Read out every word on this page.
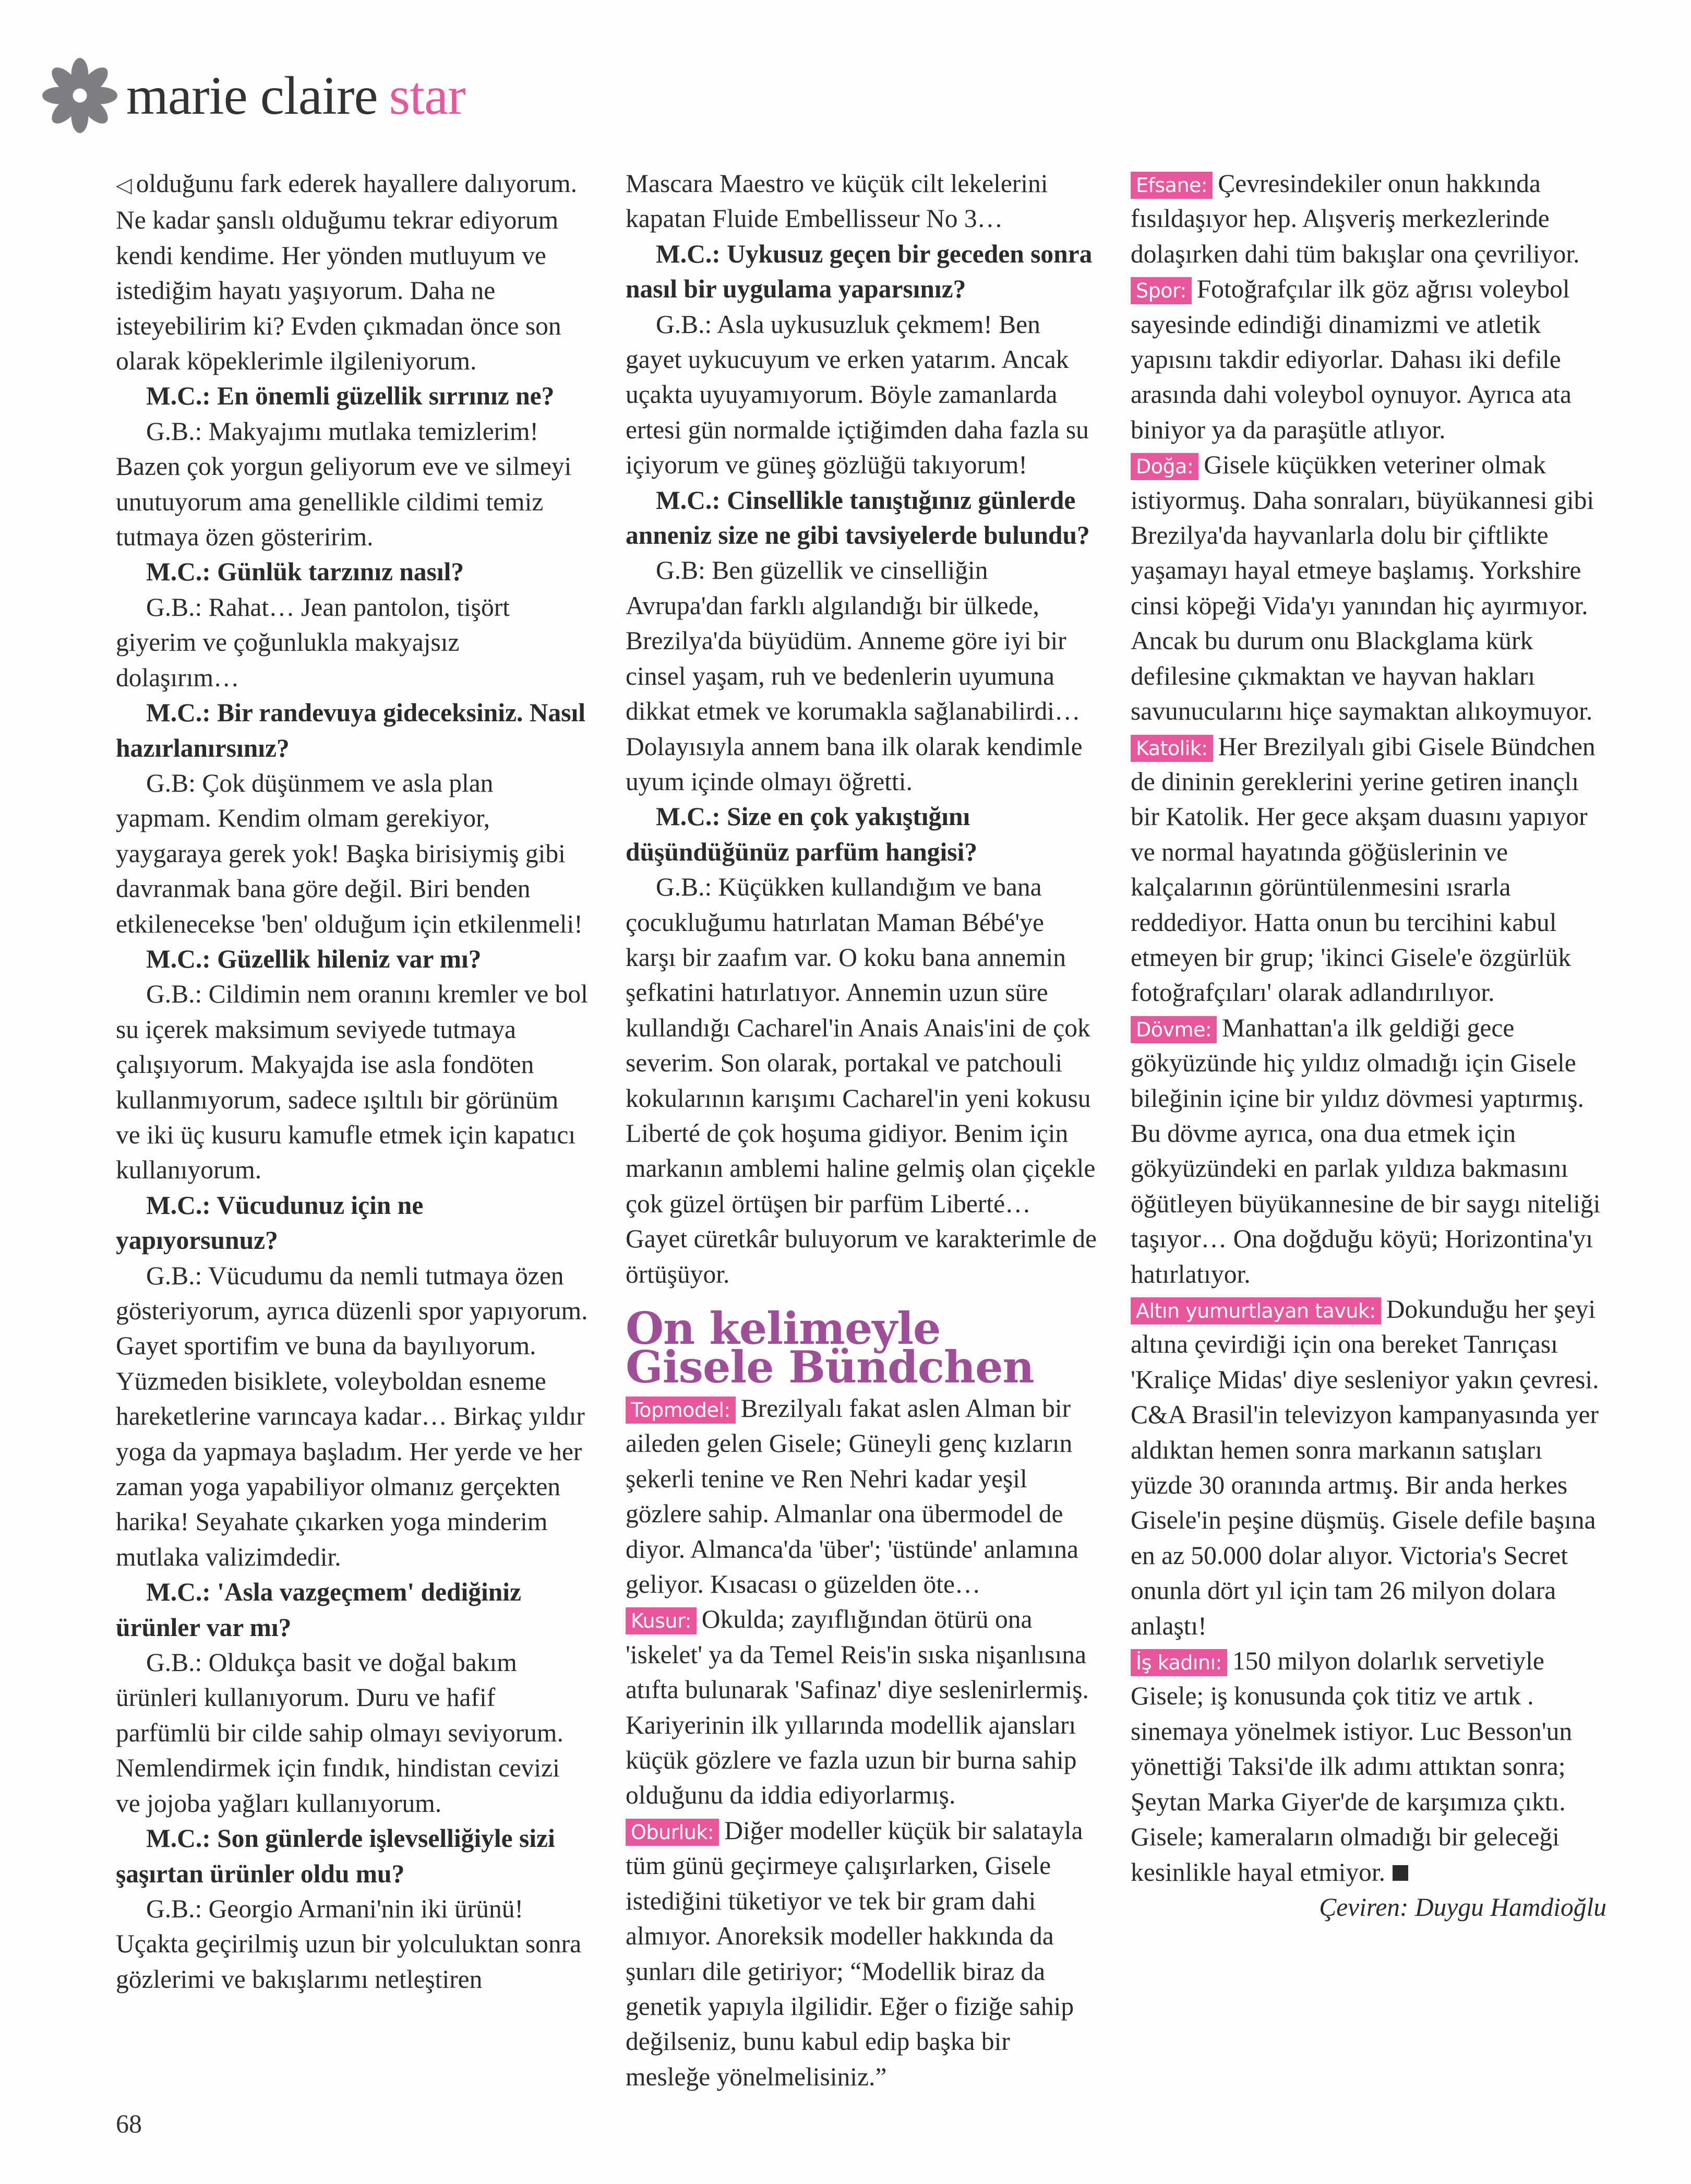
marie claire star

◁ olduğunu fark ederek hayallere dalıyorum. Ne kadar şanslı olduğumu tekrar ediyorum kendi kendime. Her yönden mutluyum ve istediğim hayatı yaşıyorum. Daha ne isteyebilirim ki? Evden çıkmadan önce son olarak köpeklerimle ilgileniyorum.

M.C.: En önemli güzellik sırrınız ne?

G.B.: Makyajımı mutlaka temizlerim! Bazen çok yorgun geliyorum eve ve silmeyi unutuyorum ama genellikle cildimi temiz tutmaya özen gösteririm.

M.C.: Günlük tarzınız nasıl?

G.B.: Rahat… Jean pantolon, tişört giyerim ve çoğunlukla makyajsız dolaşırım…

M.C.: Bir randevuya gideceksiniz. Nasıl hazırlanırsınız?

G.B: Çok düşünmem ve asla plan yapmam. Kendim olmam gerekiyor, yaygaraya gerek yok! Başka birisiymiş gibi davranmak bana göre değil. Biri benden etkilenecekse 'ben' olduğum için etkilenmeli!

M.C.: Güzellik hileniz var mı?

G.B.: Cildimin nem oranını kremler ve bol su içerek maksimum seviyede tutmaya çalışıyorum. Makyajda ise asla fondöten kullanmıyorum, sadece ışıltılı bir görünüm ve iki üç kusuru kamufle etmek için kapatıcı kullanıyorum.

M.C.: Vücudunuz için ne yapıyorsunuz?

G.B.: Vücudumu da nemli tutmaya özen gösteriyorum, ayrıca düzenli spor yapıyorum. Gayet sportifim ve buna da bayılıyorum. Yüzmeden bisiklete, voleyboldan esneme hareketlerine varıncaya kadar… Birkaç yıldır yoga da yapmaya başladım. Her yerde ve her zaman yoga yapabiliyor olmanız gerçekten harika! Seyahate çıkarken yoga minderim mutlaka valizimdedir.

M.C.: 'Asla vazgeçmem' dediğiniz ürünler var mı?

G.B.: Oldukça basit ve doğal bakım ürünleri kullanıyorum. Duru ve hafif parfümlü bir cilde sahip olmayı seviyorum. Nemlendirmek için fındık, hindistan cevizi ve jojoba yağları kullanıyorum.

M.C.: Son günlerde işlevselliğiyle sizi şaşırtan ürünler oldu mu?

G.B.: Georgio Armani'nin iki ürünü! Uçakta geçirilmiş uzun bir yolculuktan sonra gözlerimi ve bakışlarımı netleştiren

Mascara Maestro ve küçük cilt lekelerini kapatan Fluide Embellisseur No 3…

M.C.: Uykusuz geçen bir geceden sonra nasıl bir uygulama yaparsınız?

G.B.: Asla uykusuzluk çekmem! Ben gayet uykucuyum ve erken yatarım. Ancak uçakta uyuyamıyorum. Böyle zamanlarda ertesi gün normalde içtiğimden daha fazla su içiyorum ve güneş gözlüğü takıyorum!

M.C.: Cinsellikle tanıştığınız günlerde anneniz size ne gibi tavsiyelerde bulundu?

G.B: Ben güzellik ve cinselliğin Avrupa'dan farklı algılandığı bir ülkede, Brezilya'da büyüdüm. Anneme göre iyi bir cinsel yaşam, ruh ve bedenlerin uyumuna dikkat etmek ve korumakla sağlanabilirdi… Dolayısıyla annem bana ilk olarak kendimle uyum içinde olmayı öğretti.

M.C.: Size en çok yakıştığını düşündüğünüz parfüm hangisi?

G.B.: Küçükken kullandığım ve bana çocukluğumu hatırlatan Maman Bébé'ye karşı bir zaafım var. O koku bana annemin şefkatini hatırlatıyor. Annemin uzun süre kullandığı Cacharel'in Anais Anais'ini de çok severim. Son olarak, portakal ve patchouli kokularının karışımı Cacharel'in yeni kokusu Liberté de çok hoşuma gidiyor. Benim için markanın amblemi haline gelmiş olan çiçekle çok güzel örtüşen bir parfüm Liberté… Gayet cüretkâr buluyorum ve karakterimle de örtüşüyor.

On kelimeyle
Gisele Bündchen

Topmodel: Brezilyalı fakat aslen Alman bir aileden gelen Gisele; Güneyli genç kızların şekerli tenine ve Ren Nehri kadar yeşil gözlere sahip. Almanlar ona übermodel de diyor. Almanca'da 'über'; 'üstünde' anlamına geliyor. Kısacası o güzelden öte…

Kusur: Okulda; zayıflığından ötürü ona 'iskelet' ya da Temel Reis'in sıska nişanlısına atıfta bulunarak 'Safinaz' diye seslenirlermiş. Kariyerinin ilk yıllarında modellik ajansları küçük gözlere ve fazla uzun bir burna sahip olduğunu da iddia ediyorlarmış.

Oburluk: Diğer modeller küçük bir salatayla tüm günü geçirmeye çalışırlarken, Gisele istediğini tüketiyor ve tek bir gram dahi almıyor. Anoreksik modeller hakkında da şunları dile getiriyor; “Modellik biraz da genetik yapıyla ilgilidir. Eğer o fiziğe sahip değilseniz, bunu kabul edip başka bir mesleğe yönelmelisiniz.”

Efsane: Çevresindekiler onun hakkında fısıldaşıyor hep. Alışveriş merkezlerinde dolaşırken dahi tüm bakışlar ona çevriliyor.

Spor: Fotoğrafçılar ilk göz ağrısı voleybol sayesinde edindiği dinamizmi ve atletik yapısını takdir ediyorlar. Dahası iki defile arasında dahi voleybol oynuyor. Ayrıca ata biniyor ya da paraşütle atlıyor.

Doğa: Gisele küçükken veteriner olmak istiyormuş. Daha sonraları, büyükannesi gibi Brezilya'da hayvanlarla dolu bir çiftlikte yaşamayı hayal etmeye başlamış. Yorkshire cinsi köpeği Vida'yı yanından hiç ayırmıyor. Ancak bu durum onu Blackglama kürk defilesine çıkmaktan ve hayvan hakları savunucularını hiçe saymaktan alıkoymuyor.

Katolik: Her Brezilyalı gibi Gisele Bündchen de dininin gereklerini yerine getiren inançlı bir Katolik. Her gece akşam duasını yapıyor ve normal hayatında göğüslerinin ve kalçalarının görüntülenmesini ısrarla reddediyor. Hatta onun bu tercihini kabul etmeyen bir grup; 'ikinci Gisele'e özgürlük fotoğrafçıları' olarak adlandırılıyor.

Dövme: Manhattan'a ilk geldiği gece gökyüzünde hiç yıldız olmadığı için Gisele bileğinin içine bir yıldız dövmesi yaptırmış. Bu dövme ayrıca, ona dua etmek için gökyüzündeki en parlak yıldıza bakmasını öğütleyen büyükannesine de bir saygı niteliği taşıyor… Ona doğduğu köyü; Horizontina'yı hatırlatıyor.

Altın yumurtlayan tavuk: Dokunduğu her şeyi altına çevirdiği için ona bereket Tanrıçası 'Kraliçe Midas' diye sesleniyor yakın çevresi. C&A Brasil'in televizyon kampanyasında yer aldıktan hemen sonra markanın satışları yüzde 30 oranında artmış. Bir anda herkes Gisele'in peşine düşmüş. Gisele defile başına en az 50.000 dolar alıyor. Victoria's Secret onunla dört yıl için tam 26 milyon dolara anlaştı!

İş kadını: 150 milyon dolarlık servetiyle Gisele; iş konusunda çok titiz ve artık . sinemaya yönelmek istiyor. Luc Besson'un yönettiği Taksi'de ilk adımı attıktan sonra; Şeytan Marka Giyer'de de karşımıza çıktı. Gisele; kameraların olmadığı bir geleceği kesinlikle hayal etmiyor.

Çeviren: Duygu Hamdioğlu

68
